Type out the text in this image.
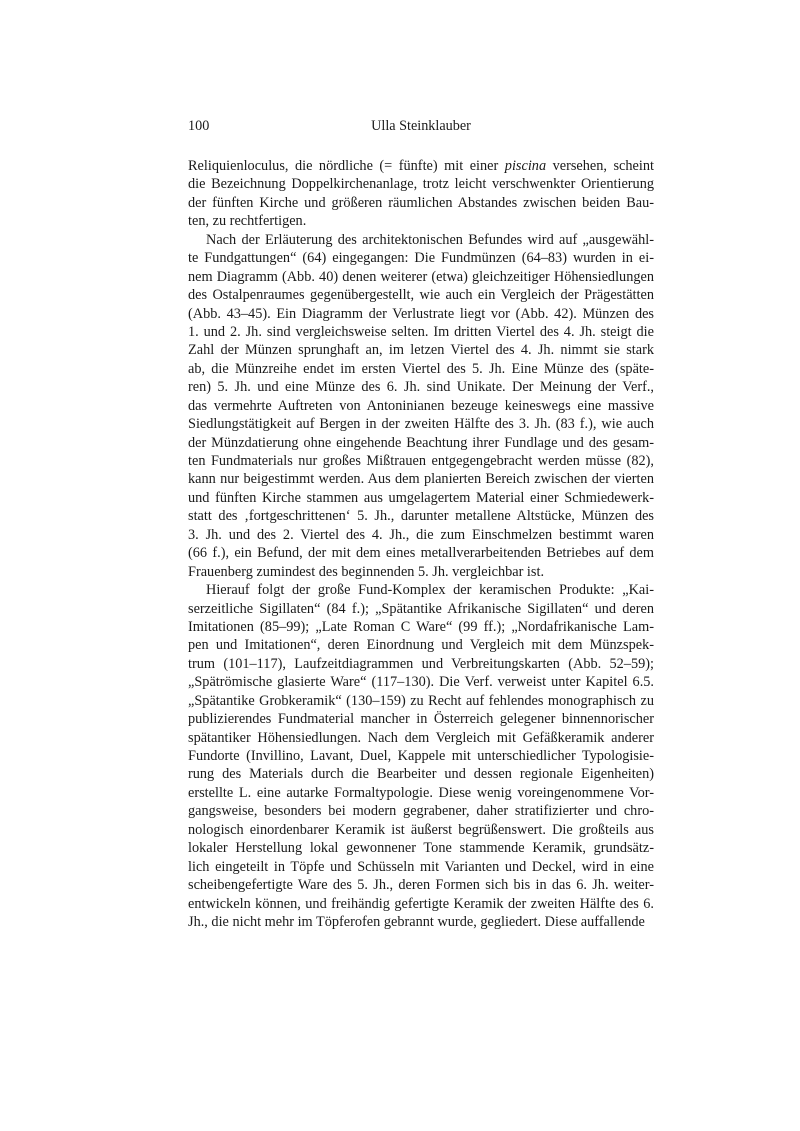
100	Ulla Steinklauber
Reliquienloculus, die nördliche (= fünfte) mit einer piscina versehen, scheint
die Bezeichnung Doppelkirchenanlage, trotz leicht verschwenkter Orientierung
der fünften Kirche und größeren räumlichen Abstandes zwischen beiden Bau-
ten, zu rechtfertigen.
Nach der Erläuterung des architektonischen Befundes wird auf „ausgewähl-
te Fundgattungen“ (64) eingegangen: Die Fundmünzen (64–83) wurden in ei-
nem Diagramm (Abb. 40) denen weiterer (etwa) gleichzeitiger Höhensiedlungen
des Ostalpenraumes gegenübergestellt, wie auch ein Vergleich der Prägestätten
(Abb. 43–45). Ein Diagramm der Verlustrate liegt vor (Abb. 42). Münzen des
1. und 2. Jh. sind vergleichsweise selten. Im dritten Viertel des 4. Jh. steigt die
Zahl der Münzen sprunghaft an, im letzen Viertel des 4. Jh. nimmt sie stark
ab, die Münzreihe endet im ersten Viertel des 5. Jh. Eine Münze des (späte-
ren) 5. Jh. und eine Münze des 6. Jh. sind Unikate. Der Meinung der Verf.,
das vermehrte Auftreten von Antoninianen bezeuge keineswegs eine massive
Siedlungstätigkeit auf Bergen in der zweiten Hälfte des 3. Jh. (83 f.), wie auch
der Münzdatierung ohne eingehende Beachtung ihrer Fundlage und des gesam-
ten Fundmaterials nur großes Mißtrauen entgegengebracht werden müsse (82),
kann nur beigestimmt werden. Aus dem planierten Bereich zwischen der vierten
und fünften Kirche stammen aus umgelagertem Material einer Schmiedewerk-
statt des ‚fortgeschrittenen‘ 5. Jh., darunter metallene Altstücke, Münzen des
3. Jh. und des 2. Viertel des 4. Jh., die zum Einschmelzen bestimmt waren
(66 f.), ein Befund, der mit dem eines metallverarbeitenden Betriebes auf dem
Frauenberg zumindest des beginnenden 5. Jh. vergleichbar ist.
Hierauf folgt der große Fund-Komplex der keramischen Produkte: „Kai-
serzeitliche Sigillaten“ (84 f.); „Spätantike Afrikanische Sigillaten“ und deren
Imitationen (85–99); „Late Roman C Ware“ (99 ff.); „Nordafrikanische Lam-
pen und Imitationen“, deren Einordnung und Vergleich mit dem Münzspek-
trum (101–117), Laufzeitdiagrammen und Verbreitungskarten (Abb. 52–59);
„Spätrömische glasierte Ware“ (117–130). Die Verf. verweist unter Kapitel 6.5.
„Spätantike Grobkeramik“ (130–159) zu Recht auf fehlendes monographisch zu
publizierendes Fundmaterial mancher in Österreich gelegener binnennorischer
spätantiker Höhensiedlungen. Nach dem Vergleich mit Gefäßkeramik anderer
Fundorte (Invillino, Lavant, Duel, Kappele mit unterschiedlicher Typologisie-
rung des Materials durch die Bearbeiter und dessen regionale Eigenheiten)
erstellte L. eine autarke Formaltypologie. Diese wenig voreingenommene Vor-
gangsweise, besonders bei modern gegrabener, daher stratifizierter und chro-
nologisch einordenbarer Keramik ist äußerst begrüßenswert. Die großteils aus
lokaler Herstellung lokal gewonnener Tone stammende Keramik, grundsätz-
lich eingeteilt in Töpfe und Schüsseln mit Varianten und Deckel, wird in eine
scheibengefertigte Ware des 5. Jh., deren Formen sich bis in das 6. Jh. weiter-
entwickeln können, und freihändig gefertigte Keramik der zweiten Hälfte des 6.
Jh., die nicht mehr im Töpferofen gebrannt wurde, gegliedert. Diese auffallende
